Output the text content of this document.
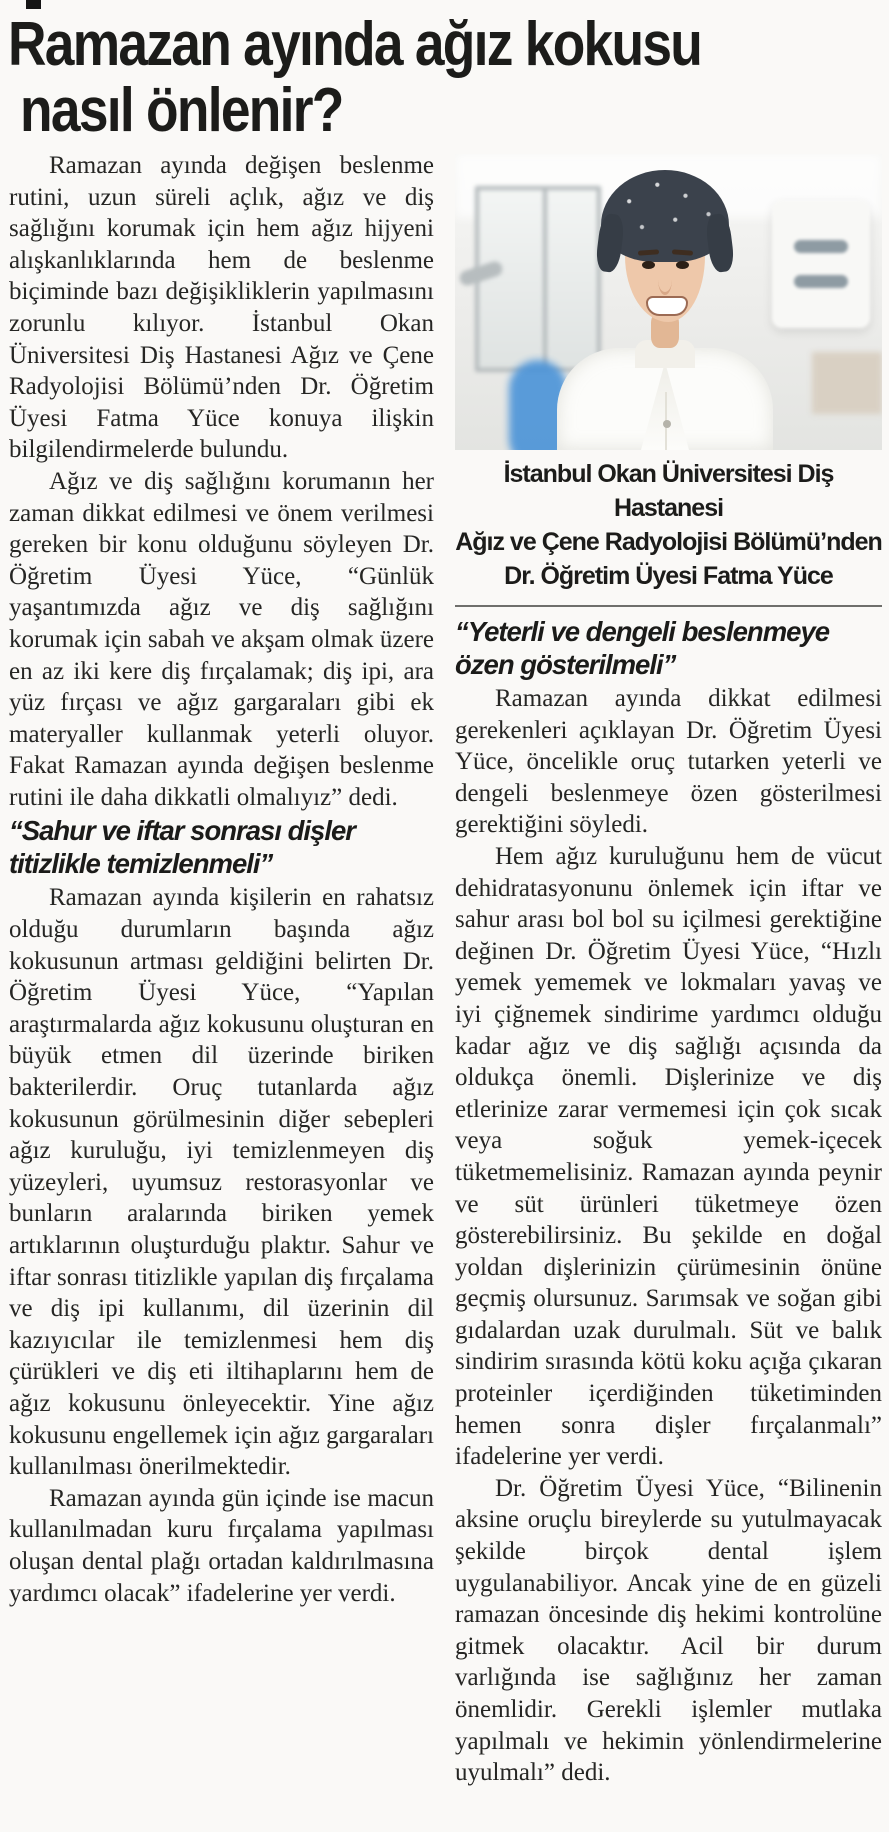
Ramazan ayında ağız kokusu
nasıl önlenir?

Ramazan ayında değişen beslenme rutini, uzun süreli açlık, ağız ve diş sağlığını korumak için hem ağız hijyeni alışkanlıklarında hem de beslenme biçiminde bazı değişikliklerin yapılmasını zorunlu kılıyor. İstanbul Okan Üniversitesi Diş Hastanesi Ağız ve Çene Radyolojisi Bölümü’nden Dr. Öğretim Üyesi Fatma Yüce konuya ilişkin bilgilendirmelerde bulundu.

Ağız ve diş sağlığını korumanın her zaman dikkat edilmesi ve önem verilmesi gereken bir konu olduğunu söyleyen Dr. Öğretim Üyesi Yüce, “Günlük yaşantımızda ağız ve diş sağlığını korumak için sabah ve akşam olmak üzere en az iki kere diş fırçalamak; diş ipi, ara yüz fırçası ve ağız gargaraları gibi ek materyaller kullanmak yeterli oluyor. Fakat Ramazan ayında değişen beslenme rutini ile daha dikkatli olmalıyız” dedi.

“Sahur ve iftar sonrası dişler titizlikle temizlenmeli”

Ramazan ayında kişilerin en rahatsız olduğu durumların başında ağız kokusunun artması geldiğini belirten Dr. Öğretim Üyesi Yüce, “Yapılan araştırmalarda ağız kokusunu oluşturan en büyük etmen dil üzerinde biriken bakterilerdir. Oruç tutanlarda ağız kokusunun görülmesinin diğer sebepleri ağız kuruluğu, iyi temizlenmeyen diş yüzeyleri, uyumsuz restorasyonlar ve bunların aralarında biriken yemek artıklarının oluşturduğu plaktır. Sahur ve iftar sonrası titizlikle yapılan diş fırçalama ve diş ipi kullanımı, dil üzerinin dil kazıyıcılar ile temizlenmesi hem diş çürükleri ve diş eti iltihaplarını hem de ağız kokusunu önleyecektir. Yine ağız kokusunu engellemek için ağız gargaraları kullanılması önerilmektedir.

Ramazan ayında gün içinde ise macun kullanılmadan kuru fırçalama yapılması oluşan dental plağı ortadan kaldırılmasına yardımcı olacak” ifadelerine yer verdi.

İstanbul Okan Üniversitesi Diş Hastanesi
Ağız ve Çene Radyolojisi Bölümü’nden
Dr. Öğretim Üyesi Fatma Yüce
“Yeterli ve dengeli beslenmeye özen gösterilmeli”

Ramazan ayında dikkat edilmesi gerekenleri açıklayan Dr. Öğretim Üyesi Yüce, öncelikle oruç tutarken yeterli ve dengeli beslenmeye özen gösterilmesi gerektiğini söyledi.

Hem ağız kuruluğunu hem de vücut dehidratasyonunu önlemek için iftar ve sahur arası bol bol su içilmesi gerektiğine değinen Dr. Öğretim Üyesi Yüce, “Hızlı yemek yememek ve lokmaları yavaş ve iyi çiğnemek sindirime yardımcı olduğu kadar ağız ve diş sağlığı açısında da oldukça önemli. Dişlerinize ve diş etlerinize zarar vermemesi için çok sıcak veya soğuk yemek-içecek tüketmemelisiniz. Ramazan ayında peynir ve süt ürünleri tüketmeye özen gösterebilirsiniz. Bu şekilde en doğal yoldan dişlerinizin çürümesinin önüne geçmiş olursunuz. Sarımsak ve soğan gibi gıdalardan uzak durulmalı. Süt ve balık sindirim sırasında kötü koku açığa çıkaran proteinler içerdiğinden tüketiminden hemen sonra dişler fırçalanmalı” ifadelerine yer verdi.

Dr. Öğretim Üyesi Yüce, “Bilinenin aksine oruçlu bireylerde su yutulmayacak şekilde birçok dental işlem uygulanabiliyor. Ancak yine de en güzeli ramazan öncesinde diş hekimi kontrolüne gitmek olacaktır. Acil bir durum varlığında ise sağlığınız her zaman önemlidir. Gerekli işlemler mutlaka yapılmalı ve hekimin yönlendirmelerine uyulmalı” dedi.
